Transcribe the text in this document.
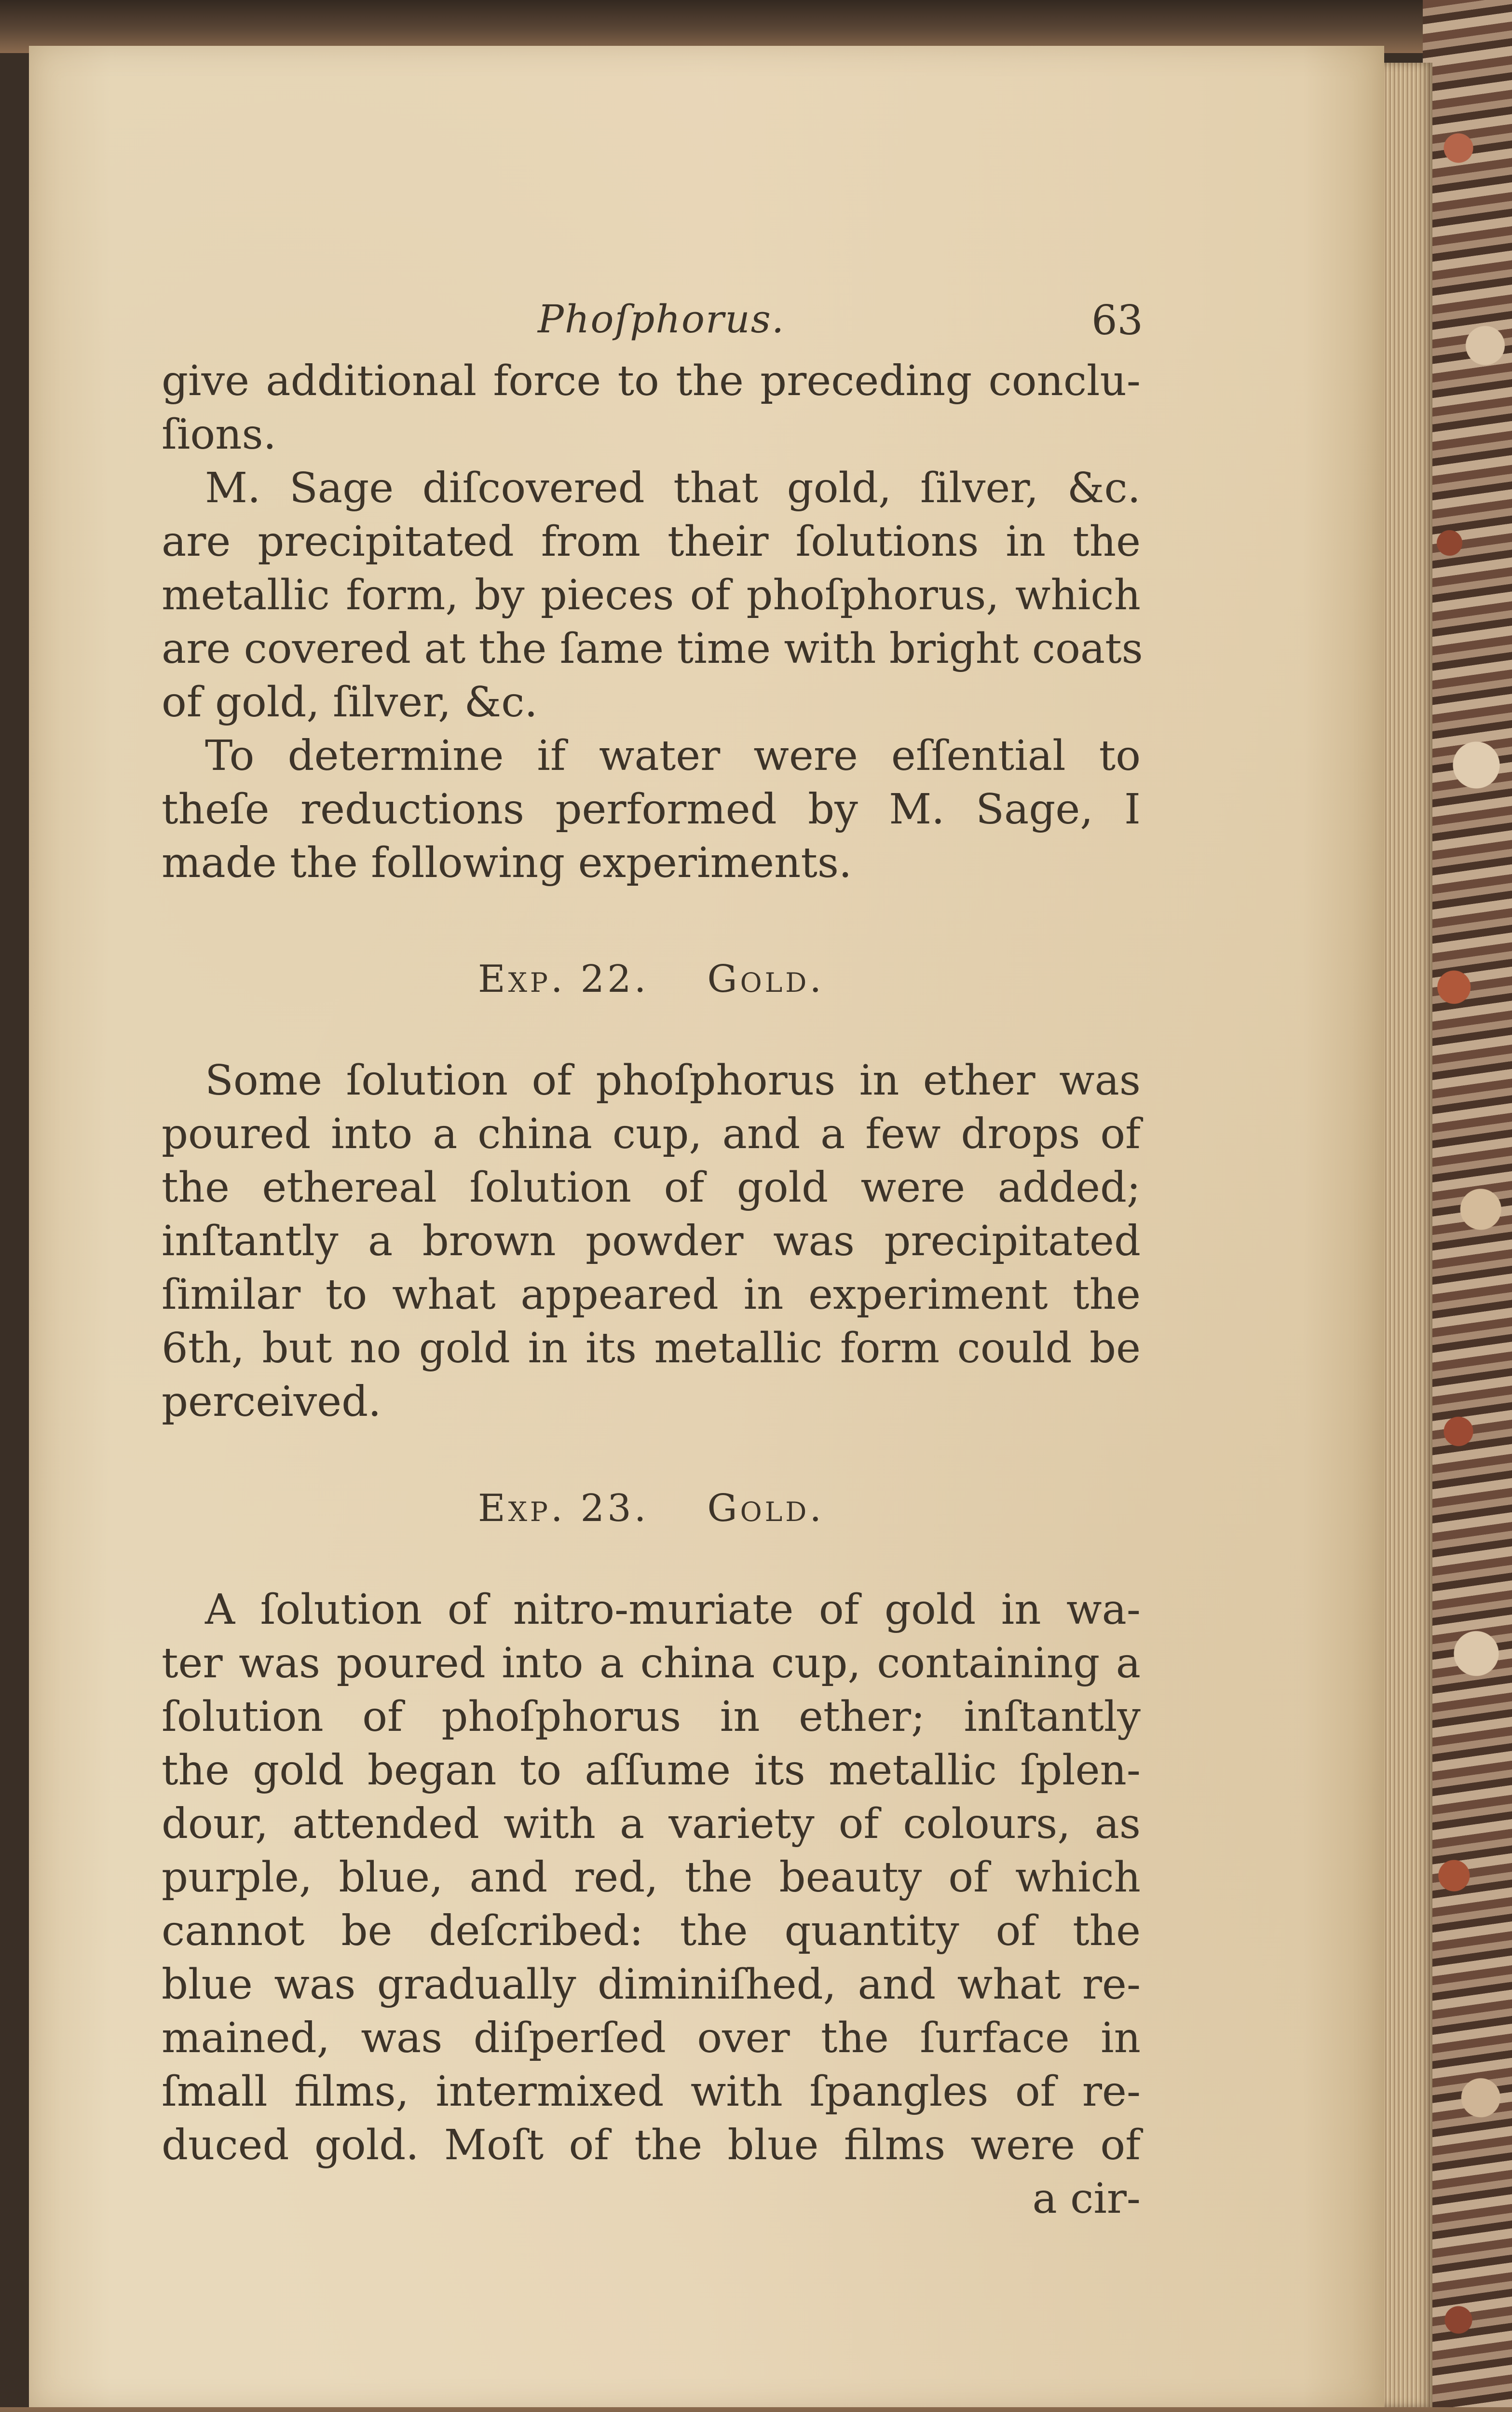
Phoſphorus.	63

give additional force to the preceding conclu-
ſions.

M. Sage diſcovered that gold, ſilver, &c.
are precipitated from their ſolutions in the
metallic form, by pieces of phoſphorus, which
are covered at the ſame time with bright coats
of gold, ſilver, &c.

To determine if water were eſſential to
theſe reductions performed by M. Sage, I
made the following experiments.

Exp. 22. Gold.

Some ſolution of phoſphorus in ether was
poured into a china cup, and a few drops of
the ethereal ſolution of gold were added;
inſtantly a brown powder was precipitated
ſimilar to what appeared in experiment the
6th, but no gold in its metallic form could be
perceived.

Exp. 23. Gold.

A ſolution of nitro-muriate of gold in wa-
ter was poured into a china cup, containing a
ſolution of phoſphorus in ether; inſtantly
the gold began to aſſume its metallic ſplen-
dour, attended with a variety of colours, as
purple, blue, and red, the beauty of which
cannot be deſcribed: the quantity of the
blue was gradually diminiſhed, and what re-
mained, was diſperſed over the ſurface in
ſmall films, intermixed with ſpangles of re-
duced gold. Moſt of the blue films were of
a cir-
